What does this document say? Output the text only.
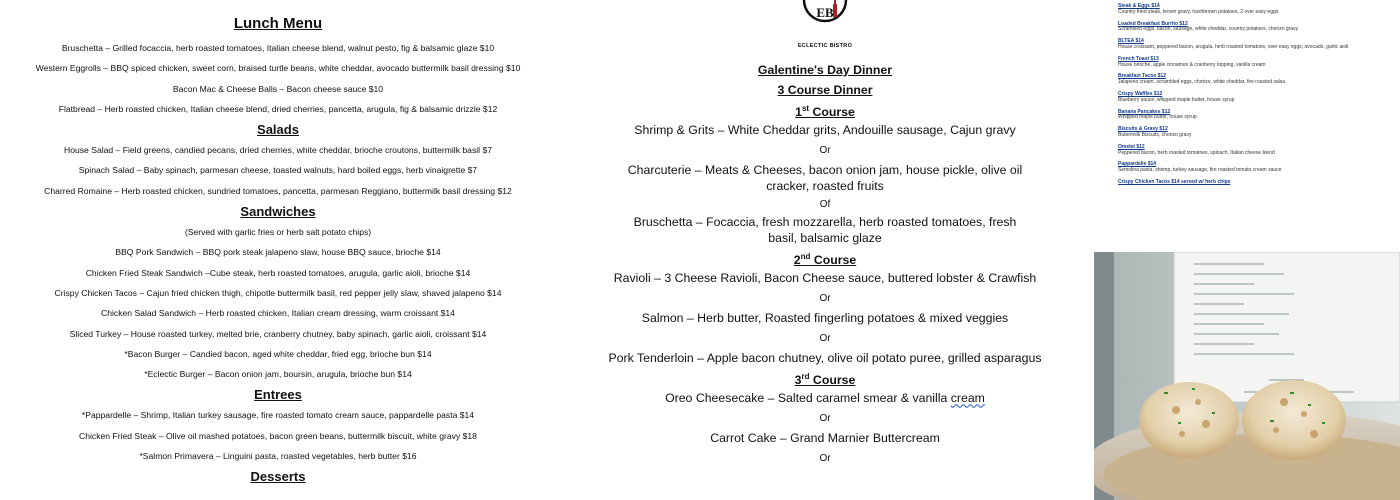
Lunch Menu
Bruschetta – Grilled focaccia, herb roasted tomatoes, Italian cheese blend, walnut pesto, fig & balsamic glaze $10
Western Eggrolls – BBQ spiced chicken, sweet corn, braised turtle beans, white cheddar, avocado buttermilk basil dressing $10
Bacon Mac & Cheese Balls – Bacon cheese sauce $10
Flatbread – Herb roasted chicken, Italian cheese blend, dried cherries, pancetta, arugula, fig & balsamic drizzle $12
Salads
House Salad – Field greens, candied pecans, dried cherries, white cheddar, brioche croutons, buttermilk basil $7
Spinach Salad – Baby spinach, parmesan cheese, toasted walnuts, hard boiled eggs, herb vinaigrette $7
Charred Romaine – Herb roasted chicken, sundried tomatoes, pancetta, parmesan Reggiano, buttermilk basil dressing $12
Sandwiches
(Served with garlic fries or herb salt potato chips)
BBQ Pork Sandwich – BBQ pork steak jalapeno slaw, house BBQ sauce, brioche $14
Chicken Fried Steak Sandwich –Cube steak, herb roasted tomatoes, arugula, garlic aioli, brioche $14
Crispy Chicken Tacos – Cajun fried chicken thigh, chipotle buttermilk basil, red pepper jelly slaw, shaved jalapeno $14
Chicken Salad Sandwich – Herb roasted chicken, Italian cream dressing, warm croissant $14
Sliced Turkey – House roasted turkey, melted brie, cranberry chutney, baby spinach, garlic aioli, croissant $14
*Bacon Burger – Candied bacon, aged white cheddar, fried egg, brioche bun $14
*Eclectic Burger – Bacon onion jam, boursin, arugula, brioche bun $14
Entrees
*Pappardelle – Shrimp, Italian turkey sausage, fire roasted tomato cream sauce, pappardelle pasta $14
Chicken Fried Steak – Olive oil mashed potatoes, bacon green beans, buttermilk biscuit, white gravy $18
*Salmon Primavera – Linguini pasta, roasted vegetables, herb butter $16
Desserts
EB
ECLECTIC BISTRO
Galentine's Day Dinner
3 Course Dinner
1st Course
Shrimp & Grits – White Cheddar grits, Andouille sausage, Cajun gravy
Or
Charcuterie – Meats & Cheeses, bacon onion jam, house pickle, olive oil cracker, roasted fruits
Of
Bruschetta – Focaccia, fresh mozzarella, herb roasted tomatoes, fresh basil, balsamic glaze
2nd Course
Ravioli – 3 Cheese Ravioli, Bacon Cheese sauce, buttered lobster & Crawfish
Or
Salmon – Herb butter, Roasted fingerling potatoes & mixed veggies
Or
Pork Tenderloin – Apple bacon chutney, olive oil potato puree, grilled asparagus
3rd Course
Oreo Cheesecake – Salted caramel smear & vanilla cream
Or
Carrot Cake – Grand Marnier Buttercream
Or
Steak & Eggs $14
Country fried steak, brown gravy, hashbrown potatoes, 2 over easy eggs
Loaded Breakfast Burrito $12
Scrambled eggs, bacon, sausage, white cheddar, country potatoes, chorizo gravy
BLTEA $14
House croissant, peppered bacon, arugula, herb roasted tomatoes, over easy eggs, avocado, garlic aioli
French Toast $13
House brioche, apple cinnamon & cranberry topping, vanilla cream
Breakfast Tacos $12
Jalapeno cream, scrambled eggs, chorizo, white cheddar, fire roasted salsa
Crispy Waffles $12
Blueberry sauce, whipped maple butter, house syrup
Banana Pancakes $12
Whipped maple butter, house syrup
Biscuits & Gravy $12
Buttermilk Biscuits, chorizo gravy
Omelet $12
Peppered bacon, herb roasted tomatoes, spinach, Italian cheese blend
Pappardelle $14
Semolina pasta, shrimp, turkey sausage, fire roasted tomato cream sauce
Crispy Chicken Tacos $14 served w/ herb chips
